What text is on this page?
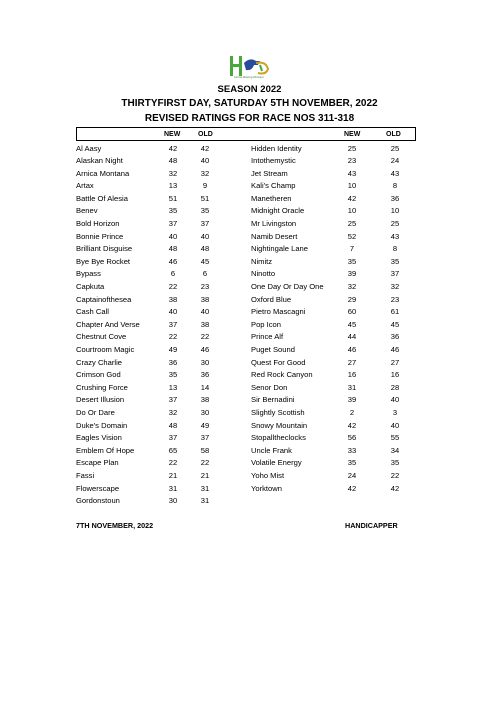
Horse Racing Division
SEASON 2022
THIRTYFIRST DAY, SATURDAY 5TH NOVEMBER, 2022
REVISED RATINGS FOR RACE NOS 311-318
NEW	OLD	NEW	OLD
Al Aasy	42	42	Hidden Identity	25	25
Alaskan Night	48	40	Intothemystic	23	24
Arnica Montana	32	32	Jet Stream	43	43
Artax	13	9	Kali's Champ	10	8
Battle Of Alesia	51	51	Manetheren	42	36
Benev	35	35	Midnight Oracle	10	10
Bold Horizon	37	37	Mr Livingston	25	25
Bonnie Prince	40	40	Namib Desert	52	43
Brilliant Disguise	48	48	Nightingale Lane	7	8
Bye Bye Rocket	46	45	Nimitz	35	35
Bypass	6	6	Ninotto	39	37
Capkuta	22	23	One Day Or Day One	32	32
Captainofthesea	38	38	Oxford Blue	29	23
Cash Call	40	40	Pietro Mascagni	60	61
Chapter And Verse	37	38	Pop Icon	45	45
Chestnut Cove	22	22	Prince Alf	44	36
Courtroom Magic	49	46	Puget Sound	46	46
Crazy Charlie	36	30	Quest For Good	27	27
Crimson God	35	36	Red Rock Canyon	16	16
Crushing Force	13	14	Senor Don	31	28
Desert Illusion	37	38	Sir Bernadini	39	40
Do Or Dare	32	30	Slightly Scottish	2	3
Duke's Domain	48	49	Snowy Mountain	42	40
Eagles Vision	37	37	Stopalltheclocks	56	55
Emblem Of Hope	65	58	Uncle Frank	33	34
Escape Plan	22	22	Volatile Energy	35	35
Fassi	21	21	Yoho Mist	24	22
Flowerscape	31	31	Yorktown	42	42
Gordonstoun	30	31
7TH NOVEMBER, 2022	HANDICAPPER
